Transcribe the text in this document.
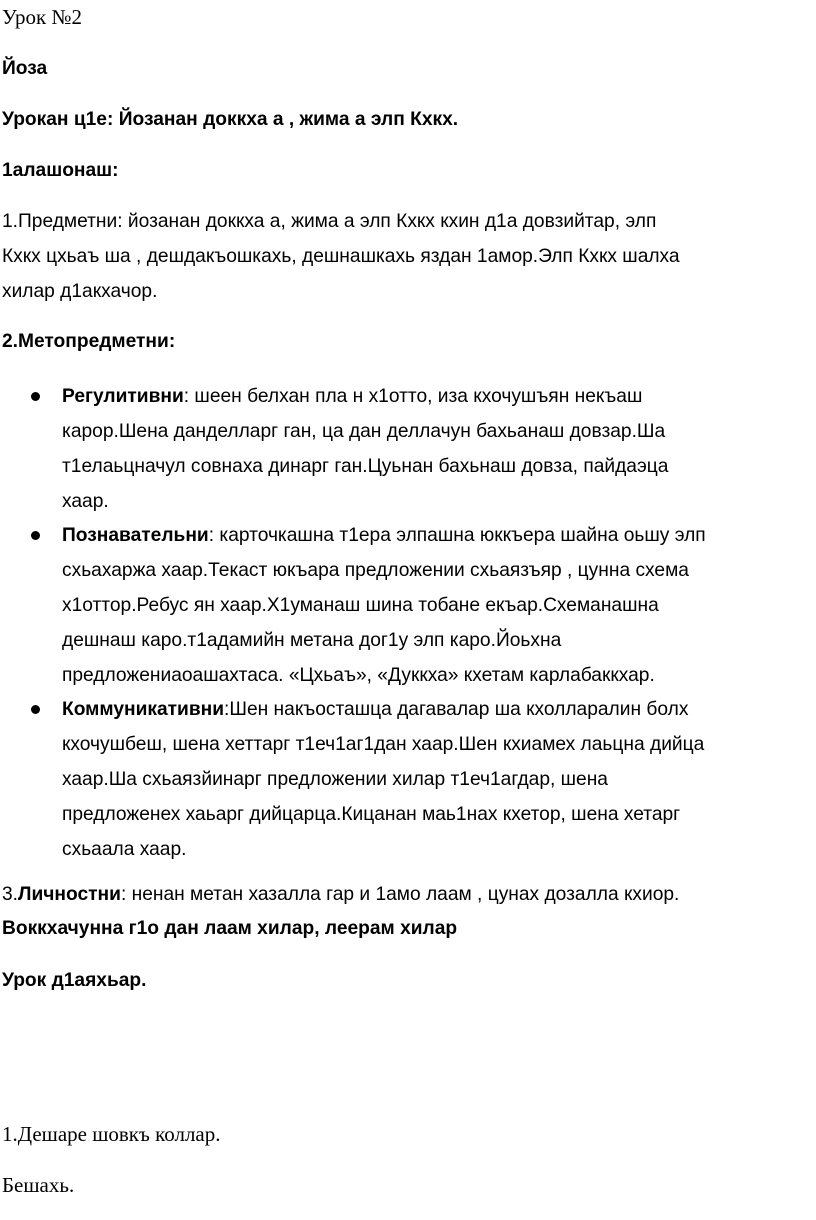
Урок №2
Йоза
Урокан ц1е: Йозанан доккха а , жима а элп Кхкх.
1алашонаш:
1.Предметни: йозанан доккха а, жима а элп Кхкх кхин д1а довзийтар, элп
Кхкх цхьаъ ша , дешдакъошкахь, дешнашкахь яздан 1амор.Элп Кхкх шалха
хилар д1акхачор.
2.Метопредметни:
Регулитивни: шеен белхан пла н х1отто, иза кхочушъян некъаш
карор.Шена данделларг ган, ца дан деллачун бахьанаш довзар.Ша
т1елаьцначул совнаха динарг ган.Цуьнан бахьнаш довза, пайдаэца
хаар.
Познавательни: карточкашна т1ера элпашна юккъера шайна оьшу элп
схьахаржа хаар.Текаст юкъара предложении схьаязъяр , цунна схема
х1оттор.Ребус ян хаар.Х1уманаш шина тобане екъар.Схеманашна
дешнаш каро.т1адамийн метана дог1у элп каро.Йоьхна
предложениаоашахтаса. «Цхьаъ», «Дуккха» кхетам карлабаккхар.
Коммуникативни:Шен накъосташца дагавалар ша кхолларалин болх
кхочушбеш, шена хеттарг т1еч1аг1дан хаар.Шен кхиамех лаьцна дийца
хаар.Ша схьаязйинарг предложении хилар т1еч1агдар, шена
предложенех хаьарг дийцарца.Кицанан маь1нах кхетор, шена хетарг
схьаала хаар.
3.Личностни: ненан метан хазалла гар и 1амо лаам , цунах дозалла кхиор.
Воккхачунна г1о дан лаам хилар, леерам хилар
Урок д1аяхьар.
1.Дешаре шовкъ коллар.
Бешахь.
